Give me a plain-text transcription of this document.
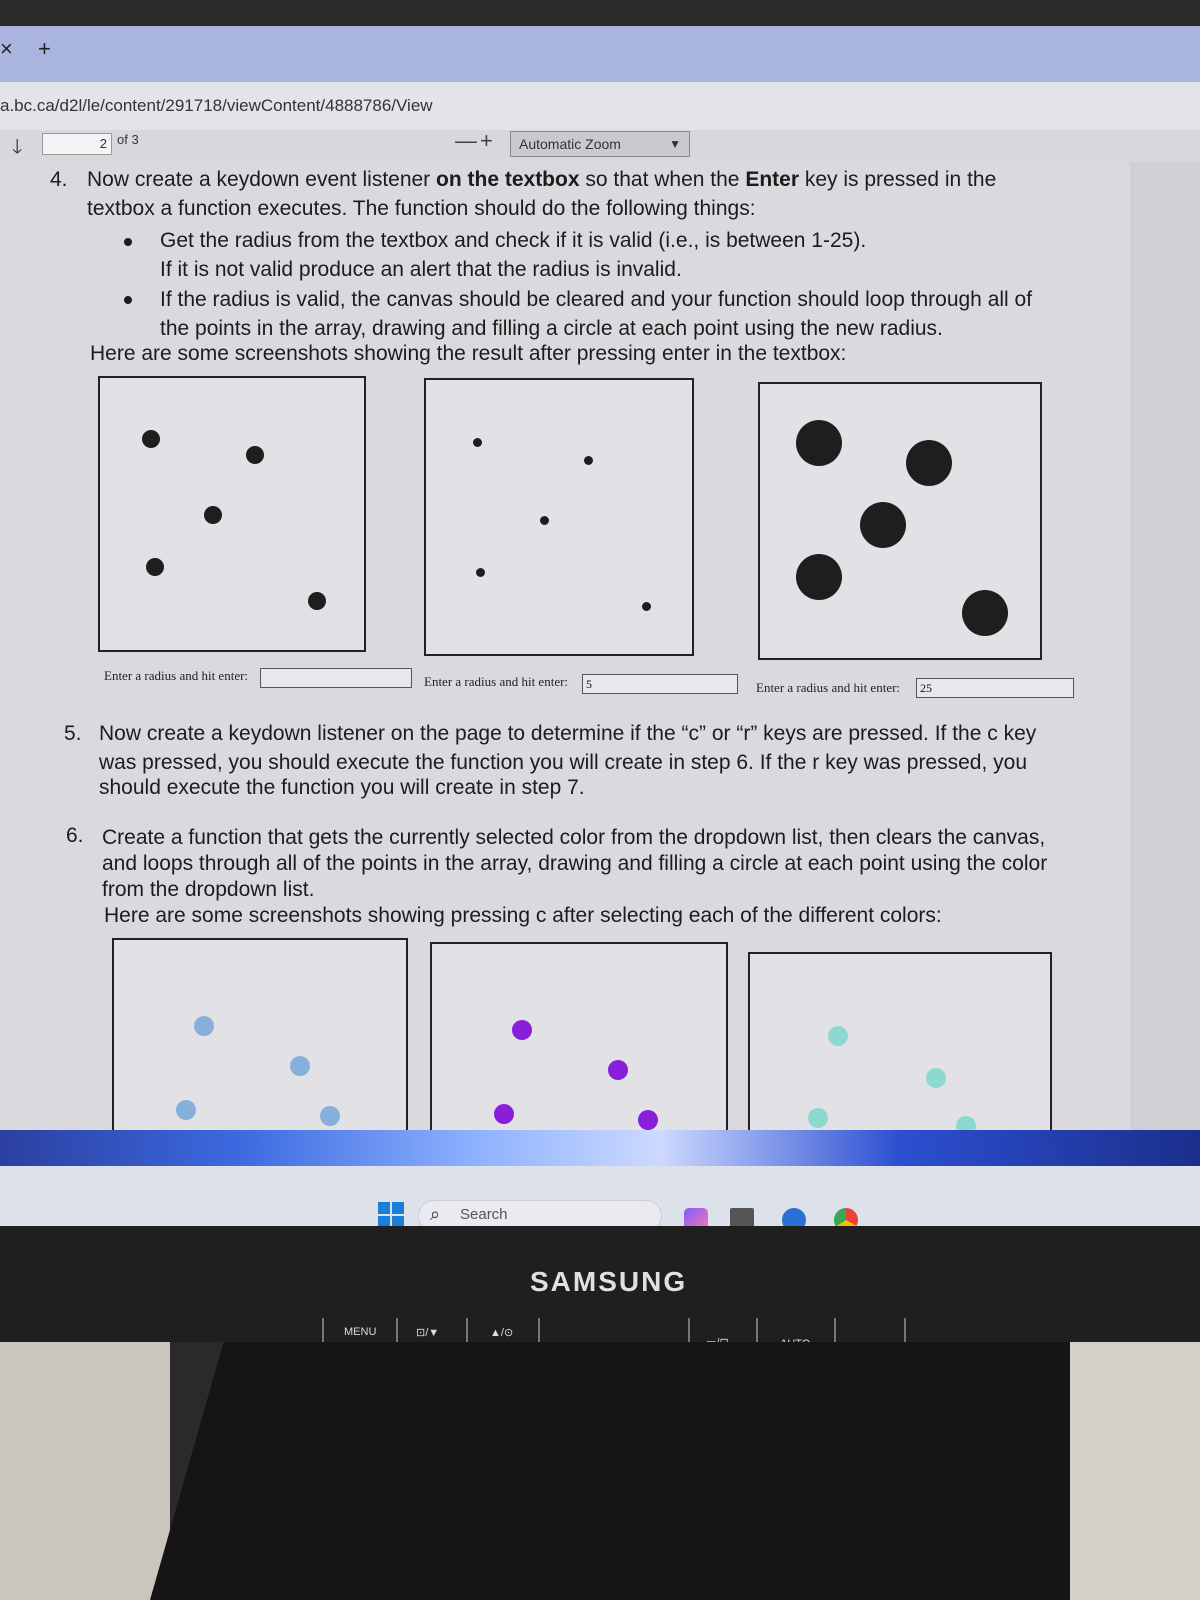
× +
a.bc.ca/d2l/le/content/291718/viewContent/4888786/View
🡓	2 of 3	— +	Automatic Zoom	▼
4. Now create a keydown event listener on the textbox so that when the Enter key is pressed in the
textbox a function executes. The function should do the following things:
Get the radius from the textbox and check if it is valid (i.e., is between 1-25).
If it is not valid produce an alert that the radius is invalid.
If the radius is valid, the canvas should be cleared and your function should loop through all of
the points in the array, drawing and filling a circle at each point using the new radius.
Here are some screenshots showing the result after pressing enter in the textbox:
Enter a radius and hit enter:	Enter a radius and hit enter:	5	Enter a radius and hit enter:	25
5. Now create a keydown listener on the page to determine if the “c” or “r” keys are pressed. If the c key
was pressed, you should execute the function you will create in step 6. If the r key was pressed, you
should execute the function you will create in step 7.
6. Create a function that gets the currently selected color from the dropdown list, then clears the canvas,
and loops through all of the points in the array, drawing and filling a circle at each point using the color
from the dropdown list.
Here are some screenshots showing pressing c after selecting each of the different colors:
⌕ Search
SAMSUNG
MENU	⊡/▼	▲/⊙
